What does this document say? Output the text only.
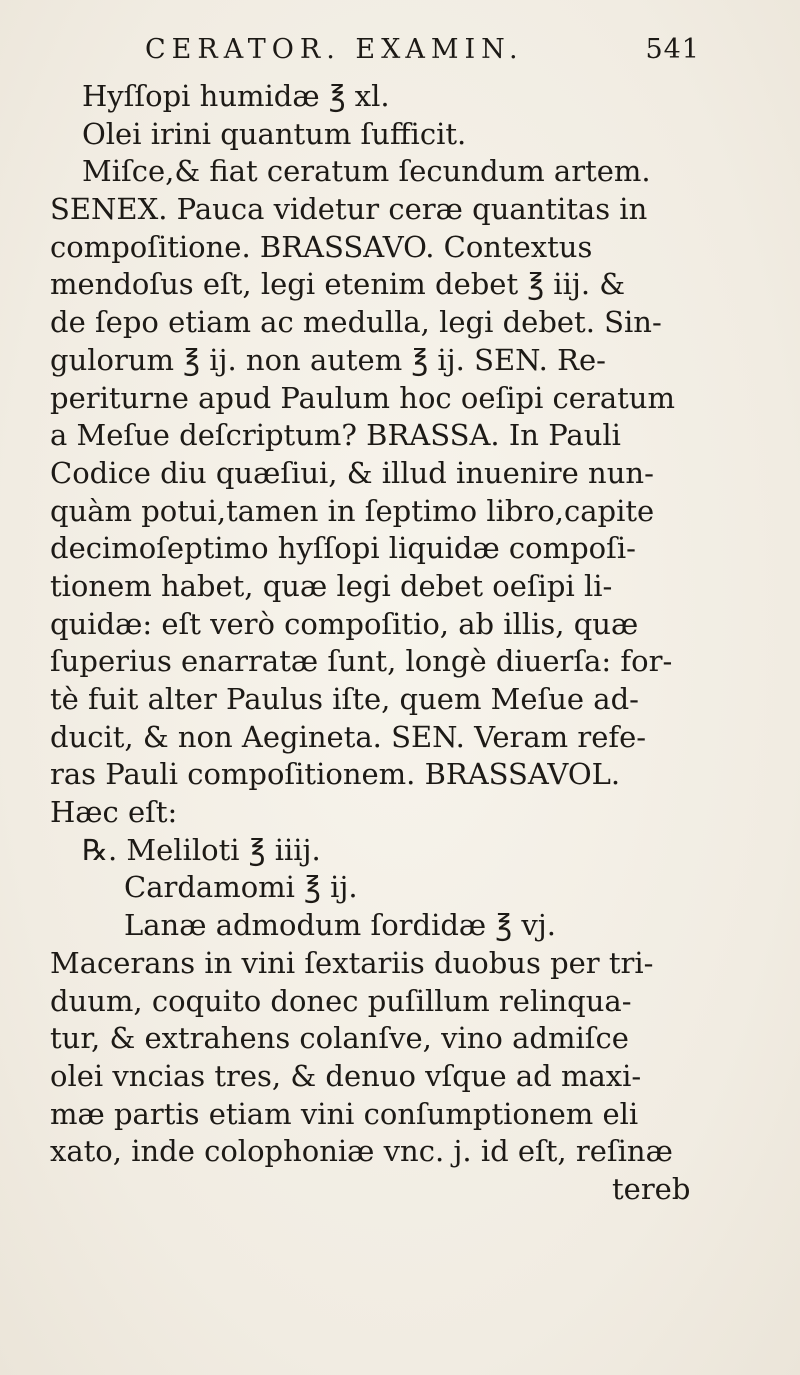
CERATOR. EXAMIN.	541
Hyſſopi humidæ ℥ xl.
Olei irini quantum ſufficit.
Miſce,& fiat ceratum ſecundum artem.
SENEX. Pauca videtur ceræ quantitas in
compoſitione. BRASSAVO. Contextus
mendoſus eſt, legi etenim debet ℥ iij. &
de ſepo etiam ac medulla, legi debet. Sin-
gulorum ℥ ij. non autem ℥ ij. SEN. Re-
periturne apud Paulum hoc oeſipi ceratum
a Meſue deſcriptum? BRASSA. In Pauli
Codice diu quæſiui, & illud inuenire nun-
quàm potui,tamen in ſeptimo libro,capite
decimoſeptimo hyſſopi liquidæ compoſi-
tionem habet, quæ legi debet oeſipi li-
quidæ: eſt verò compoſitio, ab illis, quæ
ſuperius enarratæ ſunt, longè diuerſa: for-
tè fuit alter Paulus iſte, quem Meſue ad-
ducit, & non Aegineta. SEN. Veram refe-
ras Pauli compoſitionem. BRASSAVOL.
Hæc eſt:
℞. Meliloti ℥ iiij.
Cardamomi ℥ ij.
Lanæ admodum ſordidæ ℥ vj.
Macerans in vini ſextariis duobus per tri-
duum, coquito donec puſillum relinqua-
tur, & extrahens colanſve, vino admiſce
olei vncias tres, & denuo vſque ad maxi-
mæ partis etiam vini conſumptionem eli
xato, inde colophoniæ vnc. j. id eſt, reſinæ
tereb
